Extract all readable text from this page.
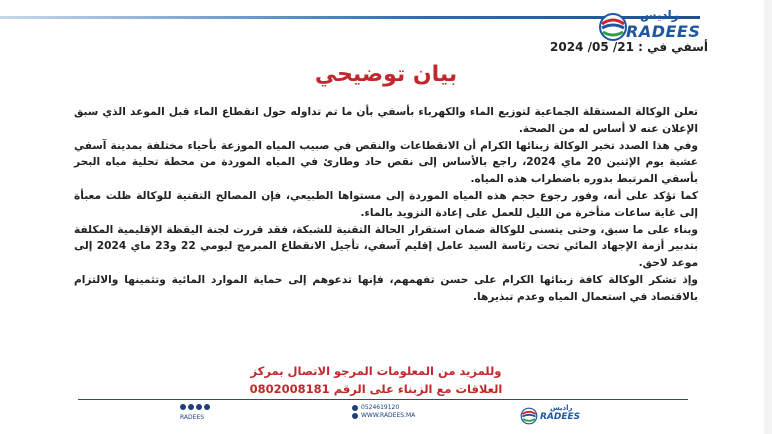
راديس
RADEES
أسفي في : 21/ 05/ 2024
بيان توضيحي

تعلن الوكالة المستقلة الجماعية لتوزيع الماء والكهرباء بأسفي بأن ما تم تداوله حول انقطاع الماء قبل الموعد الذي سبق الإعلان عنه لا أساس له من الصحة.

وفي هذا الصدد تخبر الوكالة زبنائها الكرام أن الانقطاعات والنقص في صبيب المياه الموزعة بأحياء مختلفة بمدينة آسفي عشية يوم الإثنين 20 ماي 2024، راجع بالأساس إلى نقص حاد وطارئ في المياه الموردة من محطة تحلية مياه البحر بأسفي المرتبط بدوره باضطراب هذه المياه.

كما تؤكد على أنه، وفور رجوع حجم هذه المياه الموردة إلى مستواها الطبيعي، فإن المصالح التقنية للوكالة ظلت معبأة إلى غاية ساعات متأخرة من الليل للعمل على إعادة التزويد بالماء.

وبناء على ما سبق، وحتى يتسنى للوكالة ضمان استقرار الحالة التقنية للشبكة، فقد قررت لجنة اليقظة الإقليمية المكلفة بتدبير أزمة الإجهاد المائي تحت رئاسة السيد عامل إقليم آسفي، تأجيل الانقطاع المبرمج ليومي 22 و23 ماي 2024 إلى موعد لاحق.

وإذ تشكر الوكالة كافة زبنائها الكرام على حسن تفهمهم، فإنها تدعوهم إلى حماية الموارد المائية وتثمينها والالتزام بالاقتصاد في استعمال المياه وعدم تبذيرها.

وللمزيد من المعلومات المرجو الاتصال بمركز
العلاقات مع الزبناء على الرقم 0802008181
RADEES
0524619120
WWW.RADEES.MA
راديس
RADEES
